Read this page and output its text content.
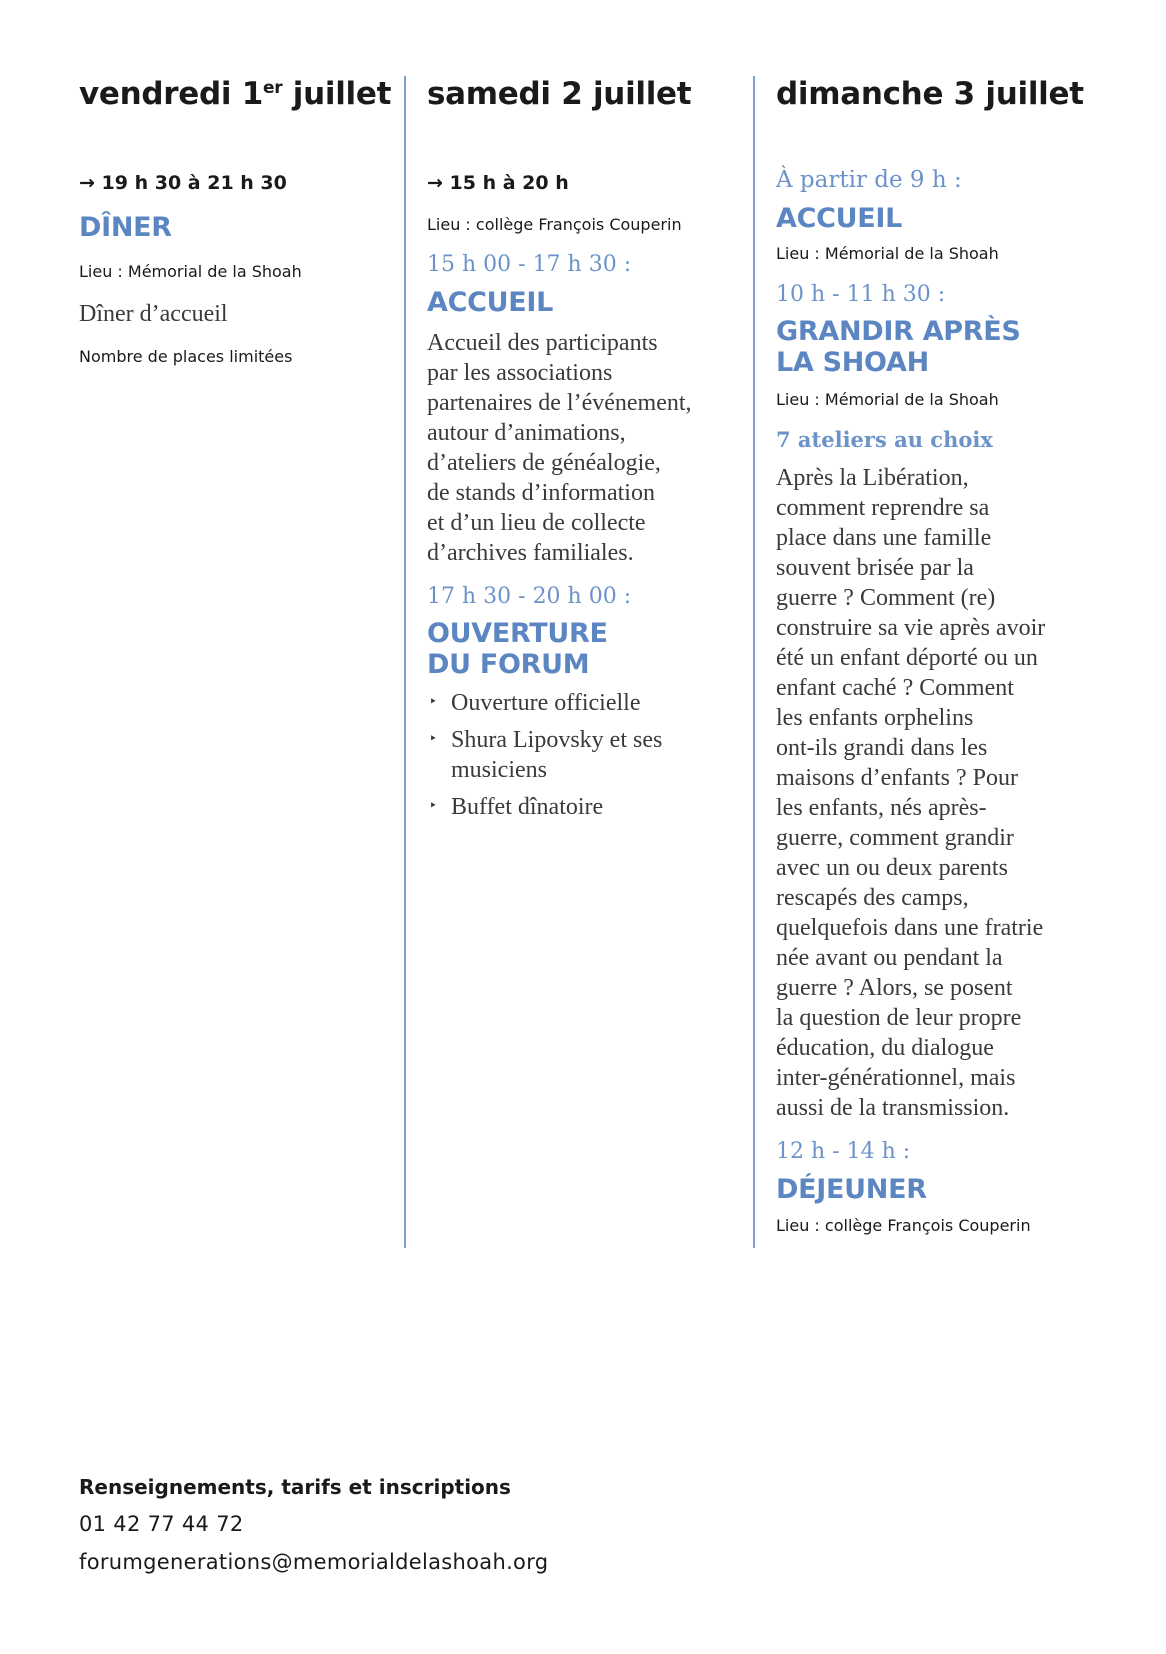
vendredi 1er juillet
→ 19 h 30 à 21 h 30
DÎNER
Lieu : Mémorial de la Shoah
Dîner d’accueil
Nombre de places limitées
samedi 2 juillet
→ 15 h à 20 h
Lieu : collège François Couperin
15 h 00 - 17 h 30 :
ACCUEIL
Accueil des participants
par les associations
partenaires de l’événement,
autour d’animations,
d’ateliers de généalogie,
de stands d’information
et d’un lieu de collecte
d’archives familiales.
17 h 30 - 20 h 00 :
OUVERTURE
DU FORUM
‣ Ouverture officielle
‣ Shura Lipovsky et ses
musiciens
‣ Buffet dînatoire
dimanche 3 juillet
À partir de 9 h :
ACCUEIL
Lieu : Mémorial de la Shoah
10 h - 11 h 30 :
GRANDIR APRÈS
LA SHOAH
Lieu : Mémorial de la Shoah
7 ateliers au choix
Après la Libération,
comment reprendre sa
place dans une famille
souvent brisée par la
guerre ? Comment (re)
construire sa vie après avoir
été un enfant déporté ou un
enfant caché ? Comment
les enfants orphelins
ont-ils grandi dans les
maisons d’enfants ? Pour
les enfants, nés après-
guerre, comment grandir
avec un ou deux parents
rescapés des camps,
quelquefois dans une fratrie
née avant ou pendant la
guerre ? Alors, se posent
la question de leur propre
éducation, du dialogue
inter-générationnel, mais
aussi de la transmission.
12 h - 14 h :
DÉJEUNER
Lieu : collège François Couperin
Renseignements, tarifs et inscriptions
01 42 77 44 72
forumgenerations@memorialdelashoah.org
